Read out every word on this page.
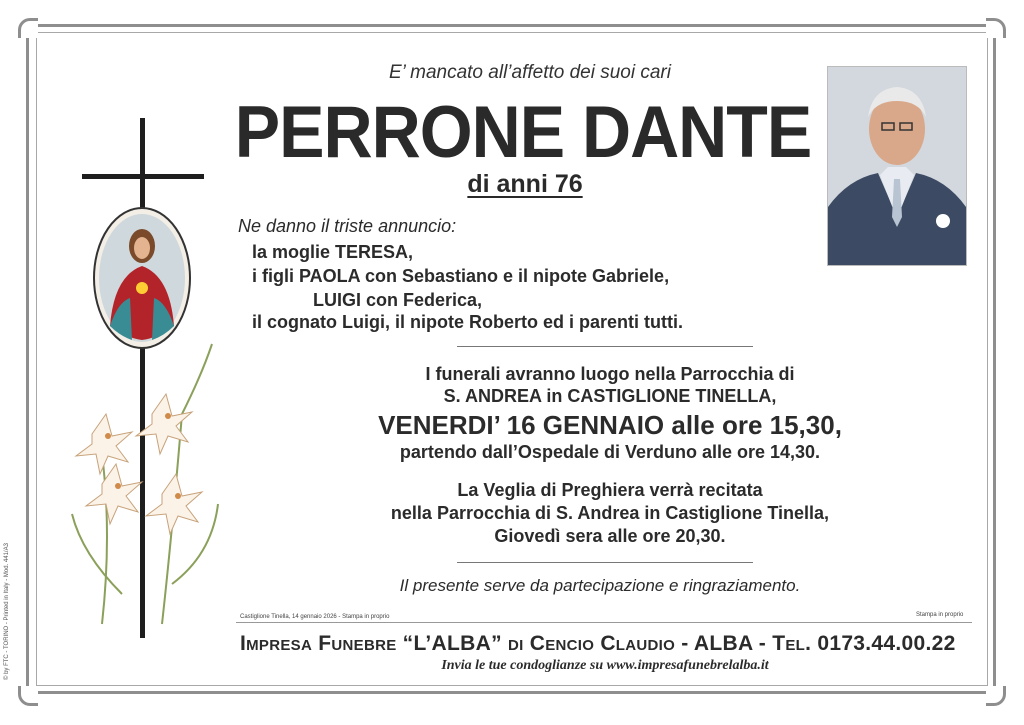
© by FTC - TORINO - Printed in Italy - Mod. 441/A3
E’ mancato all’affetto dei suoi cari
PERRONE DANTE
di anni 76
Ne danno il triste annuncio:
la moglie TERESA,
i figli PAOLA con Sebastiano e il nipote Gabriele,
LUIGI con Federica,
il cognato Luigi, il nipote Roberto ed i parenti tutti.
I funerali avranno luogo nella Parrocchia di
S. ANDREA in CASTIGLIONE TINELLA,
VENERDI’ 16 GENNAIO alle ore 15,30,
partendo dall’Ospedale di Verduno alle ore 14,30.
La Veglia di Preghiera verrà recitata
nella Parrocchia di S. Andrea in Castiglione Tinella,
Giovedì sera alle ore 20,30.
Il presente serve da partecipazione e ringraziamento.
Castiglione Tinella, 14 gennaio 2026 - Stampa in proprio	Stampa in proprio
Impresa Funebre “L’ALBA” di Cencio Claudio - ALBA - Tel. 0173.44.00.22
Invia le tue condoglianze su www.impresafunebrelalba.it
